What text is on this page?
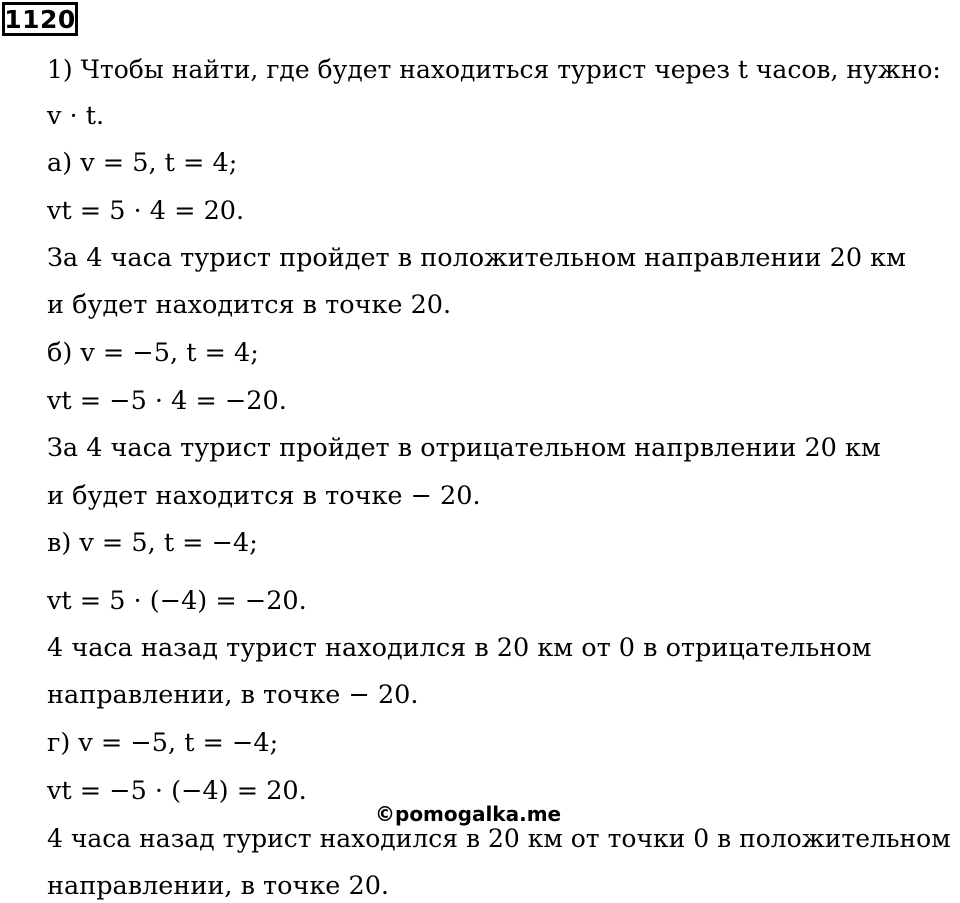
1120
1) Чтобы найти, где будет находиться турист через t часов, нужно:
v · t.
а) v = 5, t = 4;
vt = 5 · 4 = 20.
За 4 часа турист пройдет в положительном направлении 20 км
и будет находится в точке 20.
б) v = −5, t = 4;
vt = −5 · 4 = −20.
За 4 часа турист пройдет в отрицательном напрвлении 20 км
и будет находится в точке − 20.
в) v = 5, t = −4;
vt = 5 · (−4) = −20.
4 часа назад турист находился в 20 км от 0 в отрицательном
направлении, в точке − 20.
г) v = −5, t = −4;
vt = −5 · (−4) = 20.
4 часа назад турист находился в 20 км от точки 0 в положительном
направлении, в точке 20.
©pomogalka.me
